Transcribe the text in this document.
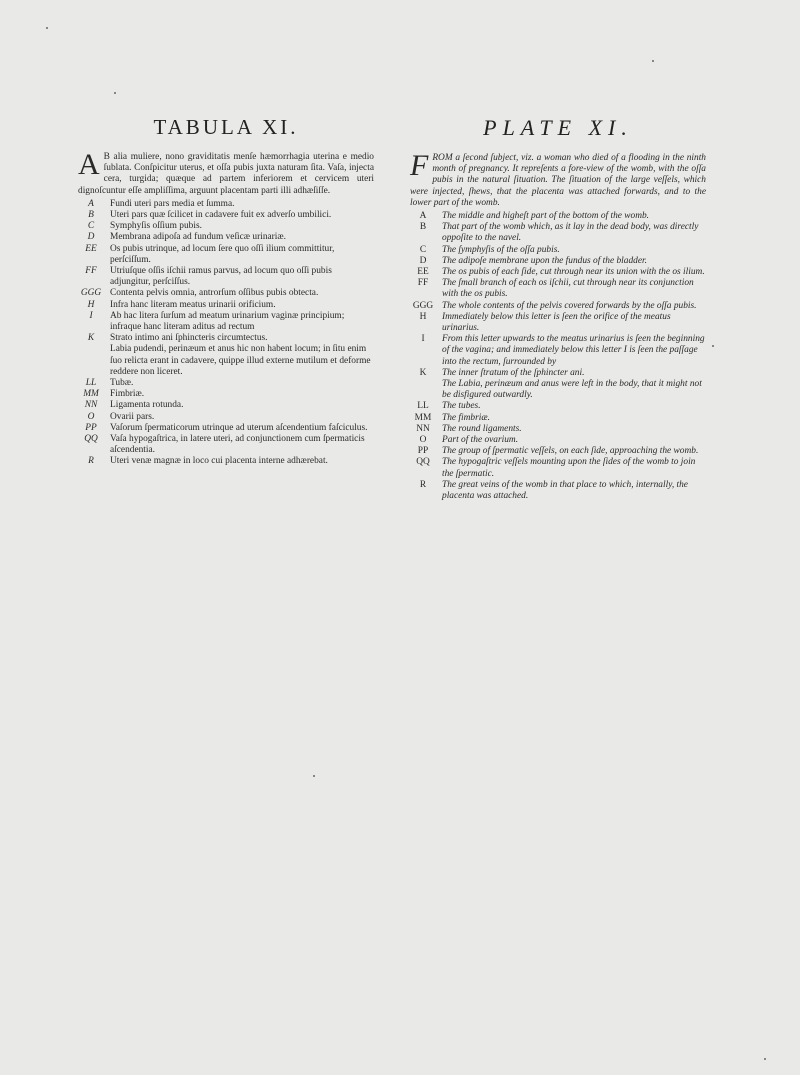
TABULA XI.

A B alia muliere, nono graviditatis menſe hæmorrhagia uterina e medio ſublata. Conſpicitur uterus, et oſſa pubis juxta naturam ſita. Vaſa, injecta cera, turgida; quæque ad partem inferiorem et cervicem uteri dignoſcuntur eſſe ampliſſima, arguunt placentam parti illi adhæſiſſe.

A	Fundi uteri pars media et ſumma.
B	Uteri pars quæ ſcilicet in cadavere fuit ex adverſo umbilici.
C	Symphyſis oſſium pubis.
D	Membrana adipoſa ad fundum veſicæ urinariæ.
EE	Os pubis utrinque, ad locum ſere quo oſſi ilium committitur, perſciſſum.
FF	Utriuſque oſſis iſchii ramus parvus, ad locum quo oſſi pubis adjungitur, perſciſſus.
GGG Contenta pelvis omnia, antrorſum oſſibus pubis obtecta.
H	Infra hanc literam meatus urinarii orificium.
I	Ab hac litera ſurſum ad meatum urinarium vaginæ principium; infraque hanc literam aditus ad rectum
K	Strato intimo ani ſphincteris circumtectus.
Labia pudendi, perinæum et anus hic non habent locum; in ſitu enim ſuo relicta erant in cadavere, quippe illud externe mutilum et deforme reddere non liceret.
LL	Tubæ.
MM	Fimbriæ.
NN	Ligamenta rotunda.
O	Ovarii pars.
PP	Vaſorum ſpermaticorum utrinque ad uterum aſcendentium faſciculus.
QQ	Vaſa hypogaſtrica, in latere uteri, ad conjunctionem cum ſpermaticis aſcendentia.
R	Uteri venæ magnæ in loco cui placenta interne adhærebat.
PLATE XI.

F ROM a ſecond ſubject, viz. a woman who died of a flooding in the ninth month of pregnancy. It repreſents a fore-view of the womb, with the oſſa pubis in the natural ſituation. The ſituation of the large veſſels, which were injected, ſhews, that the placenta was attached forwards, and to the lower part of the womb.

A	The middle and higheſt part of the bottom of the womb.
B	That part of the womb which, as it lay in the dead body, was directly oppoſite to the navel.
C	The ſymphyſis of the oſſa pubis.
D	The adipoſe membrane upon the fundus of the bladder.
EE	The os pubis of each ſide, cut through near its union with the os ilium.
FF	The ſmall branch of each os iſchii, cut through near its conjunction with the os pubis.
GGG The whole contents of the pelvis covered forwards by the oſſa pubis.
H	Immediately below this letter is ſeen the orifice of the meatus urinarius.
I	From this letter upwards to the meatus urinarius is ſeen the beginning of the vagina; and immediately below this letter I is ſeen the paſſage into the rectum, ſurrounded by
K	The inner ſtratum of the ſphincter ani.
The Labia, perinæum and anus were left in the body, that it might not be disfigured outwardly.
LL	The tubes.
MM	The fimbriæ.
NN	The round ligaments.
O	Part of the ovarium.
PP	The group of ſpermatic veſſels, on each ſide, approaching the womb.
QQ	The hypogaſtric veſſels mounting upon the ſides of the womb to join the ſpermatic.
R	The great veins of the womb in that place to which, internally, the placenta was attached.
